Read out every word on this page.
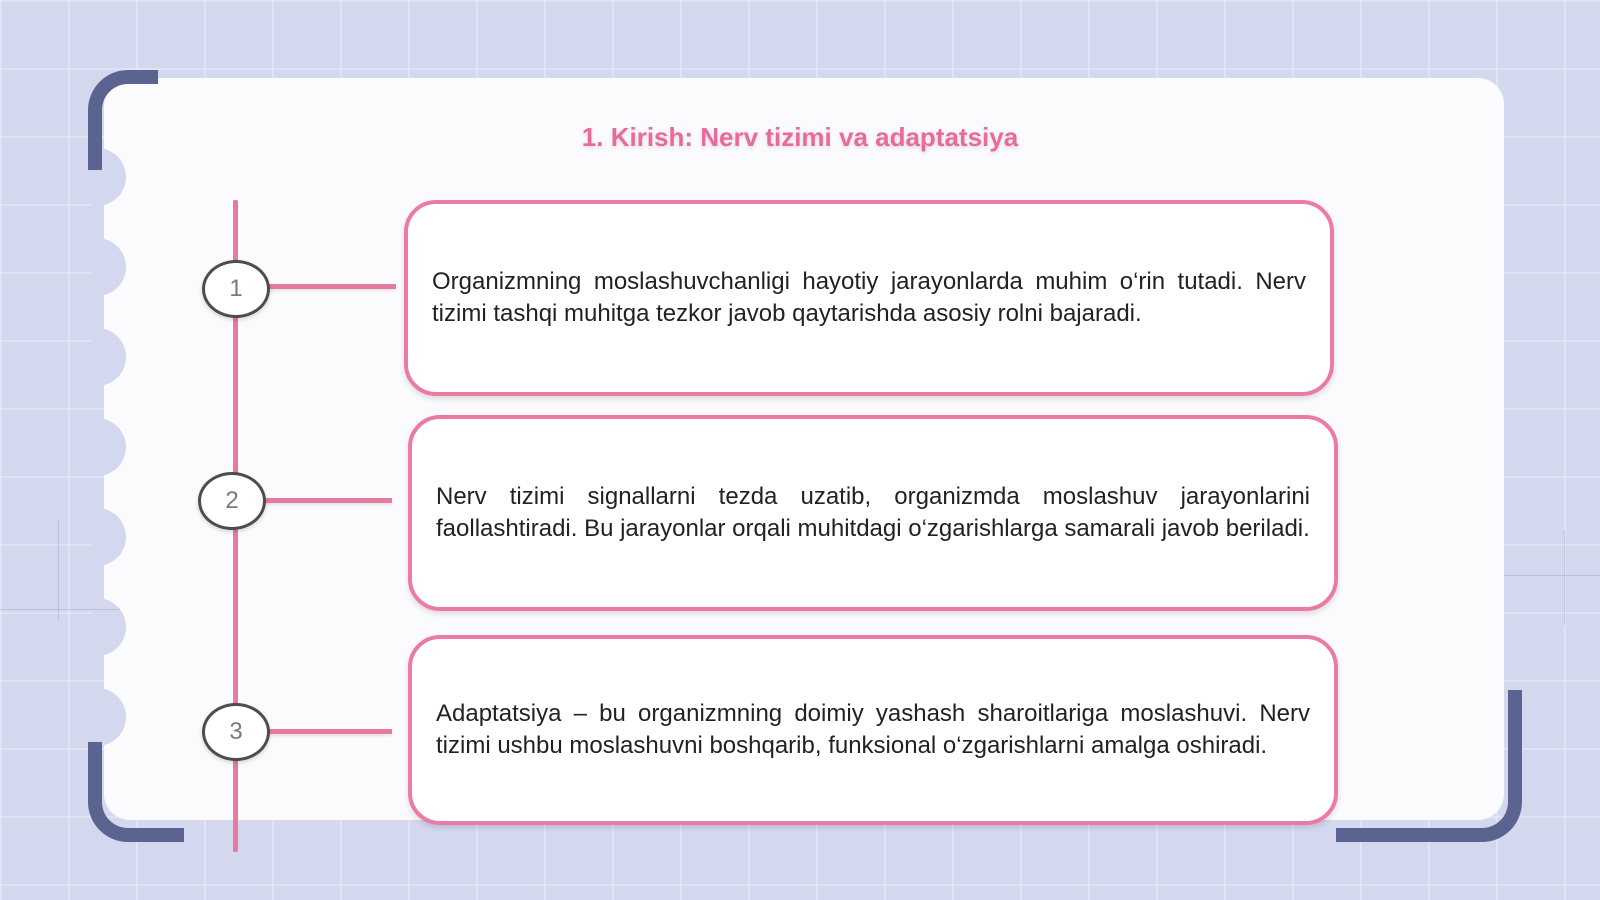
1. Kirish: Nerv tizimi va adaptatsiya
1
2
3

Organizmning moslashuvchanligi hayotiy jarayonlarda muhim o‘rin tutadi. Nerv tizimi tashqi muhitga tezkor javob qaytarishda asosiy rolni bajaradi.

Nerv tizimi signallarni tezda uzatib, organizmda moslashuv jarayonlarini faollashtiradi. Bu jarayonlar orqali muhitdagi o‘zgarishlarga samarali javob beriladi.

Adaptatsiya – bu organizmning doimiy yashash sharoitlariga moslashuvi. Nerv tizimi ushbu moslashuvni boshqarib, funksional o‘zgarishlarni amalga oshiradi.
